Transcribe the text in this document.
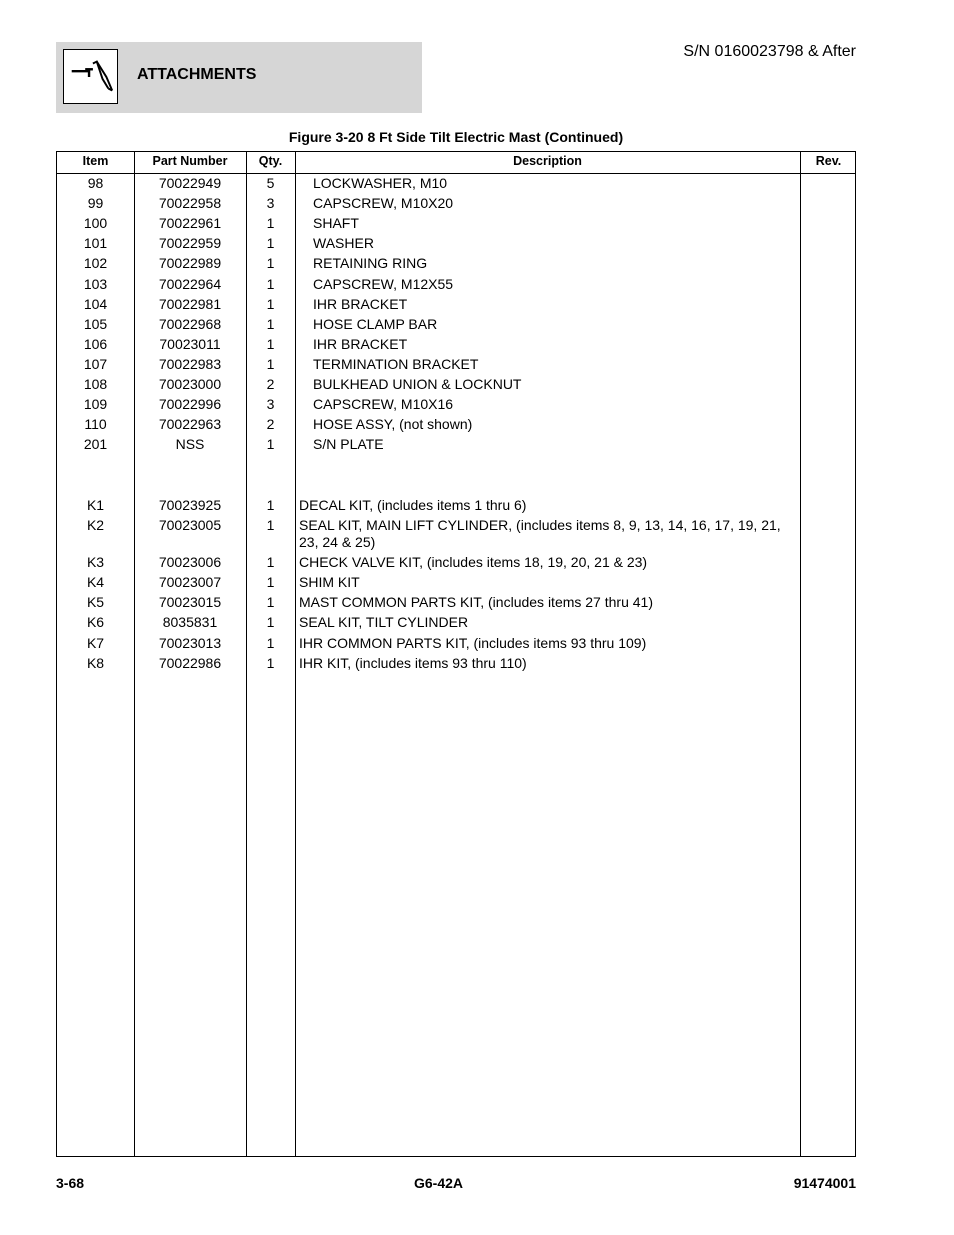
ATTACHMENTS
S/N 0160023798 & After
Figure 3-20 8 Ft Side Tilt Electric Mast (Continued)
Item	Part Number	Qty.	Description	Rev.
98	70022949	5	LOCKWASHER, M10
99	70022958	3	CAPSCREW, M10X20
100	70022961	1	SHAFT
101	70022959	1	WASHER
102	70022989	1	RETAINING RING
103	70022964	1	CAPSCREW, M12X55
104	70022981	1	IHR BRACKET
105	70022968	1	HOSE CLAMP BAR
106	70023011	1	IHR BRACKET
107	70022983	1	TERMINATION BRACKET
108	70023000	2	BULKHEAD UNION & LOCKNUT
109	70022996	3	CAPSCREW, M10X16
110	70022963	2	HOSE ASSY, (not shown)
201	NSS	1	S/N PLATE
K1	70023925	1	DECAL KIT, (includes items 1 thru 6)
K2	70023005	1	SEAL KIT, MAIN LIFT CYLINDER, (includes items 8, 9, 13, 14, 16, 17, 19, 21, 23, 24 & 25)
K3	70023006	1	CHECK VALVE KIT, (includes items 18, 19, 20, 21 & 23)
K4	70023007	1	SHIM KIT
K5	70023015	1	MAST COMMON PARTS KIT, (includes items 27 thru 41)
K6	8035831	1	SEAL KIT, TILT CYLINDER
K7	70023013	1	IHR COMMON PARTS KIT, (includes items 93 thru 109)
K8	70022986	1	IHR KIT, (includes items 93 thru 110)
3-68	G6-42A	91474001
